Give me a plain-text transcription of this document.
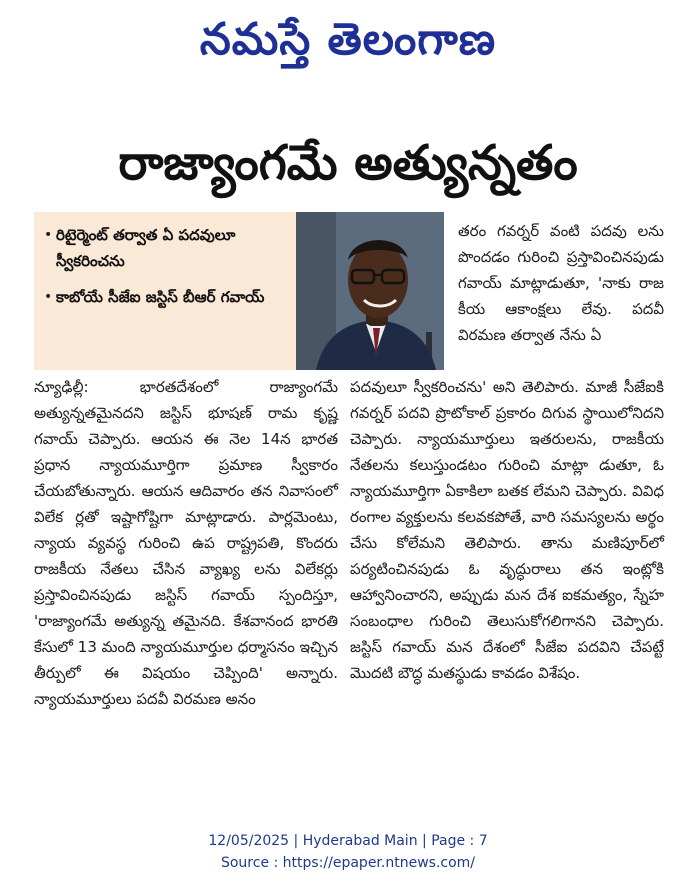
నమస్తే తెలంగాణ
రాజ్యాంగమే అత్యున్నతం
• రిటైర్మెంట్ తర్వాత ఏ పదవులూ స్వీకరించను
• కాబోయే సీజేఐ జస్టిస్ బీఆర్ గవాయ్

తరం గవర్నర్ వంటి పదవు లను పొందడం గురించి ప్రస్తావించినపుడు గవాయ్ మాట్లాడుతూ, 'నాకు రాజ కీయ ఆకాంక్షలు లేవు. పదవీ విరమణ తర్వాత నేను ఏ

న్యూఢిల్లీ: భారతదేశంలో రాజ్యాంగమే అత్యున్నతమైనదని జస్టిస్ భూషణ్ రామ కృష్ణ గవాయ్ చెప్పారు. ఆయన ఈ నెల 14న భారత ప్రధాన న్యాయమూర్తిగా ప్రమాణ స్వీకారం చేయబోతున్నారు. ఆయన ఆదివారం తన నివాసంలో విలేక ర్లతో ఇష్టాగోష్టిగా మాట్లాడారు. పార్లమెంటు, న్యాయ వ్యవస్థ గురించి ఉప రాష్ట్రపతి, కొందరు రాజకీయ నేతలు చేసిన వ్యాఖ్య లను విలేకర్లు ప్రస్తావించినపుడు జస్టిస్ గవాయ్ స్పందిస్తూ, 'రాజ్యాంగమే అత్యున్న తమైనది. కేశవానంద భారతి కేసులో 13 మంది న్యాయమూర్తుల ధర్మాసనం ఇచ్చిన తీర్పులో ఈ విషయం చెప్పింది' అన్నారు. న్యాయమూర్తులు పదవీ విరమణ అనం

పదవులూ స్వీకరించను' అని తెలిపారు. మాజీ సీజేఐకి గవర్నర్ పదవి ప్రొటోకాల్ ప్రకారం దిగువ స్థాయిలోనిదని చెప్పారు. న్యాయమూర్తులు ఇతరులను, రాజకీయ నేతలను కలుస్తుండటం గురించి మాట్లా డుతూ, ఓ న్యాయమూర్తిగా ఏకాకిలా బతక లేమని చెప్పారు. వివిధ రంగాల వ్యక్తులను కలవకపోతే, వారి సమస్యలను అర్థం చేసు కోలేమని తెలిపారు. తాను మణిపూర్‌లో పర్యటించినపుడు ఓ వృద్ధురాలు తన ఇంట్లోకి ఆహ్వానించారని, అప్పుడు మన దేశ ఐకమత్యం, స్నేహ సంబంధాల గురించి తెలుసుకోగలిగానని చెప్పారు. జస్టిస్ గవాయ్ మన దేశంలో సీజేఐ పదవిని చేపట్టే మొదటి బౌద్ధ మతస్థుడు కావడం విశేషం.

12/05/2025 | Hyderabad Main | Page : 7
Source : https://epaper.ntnews.com/
